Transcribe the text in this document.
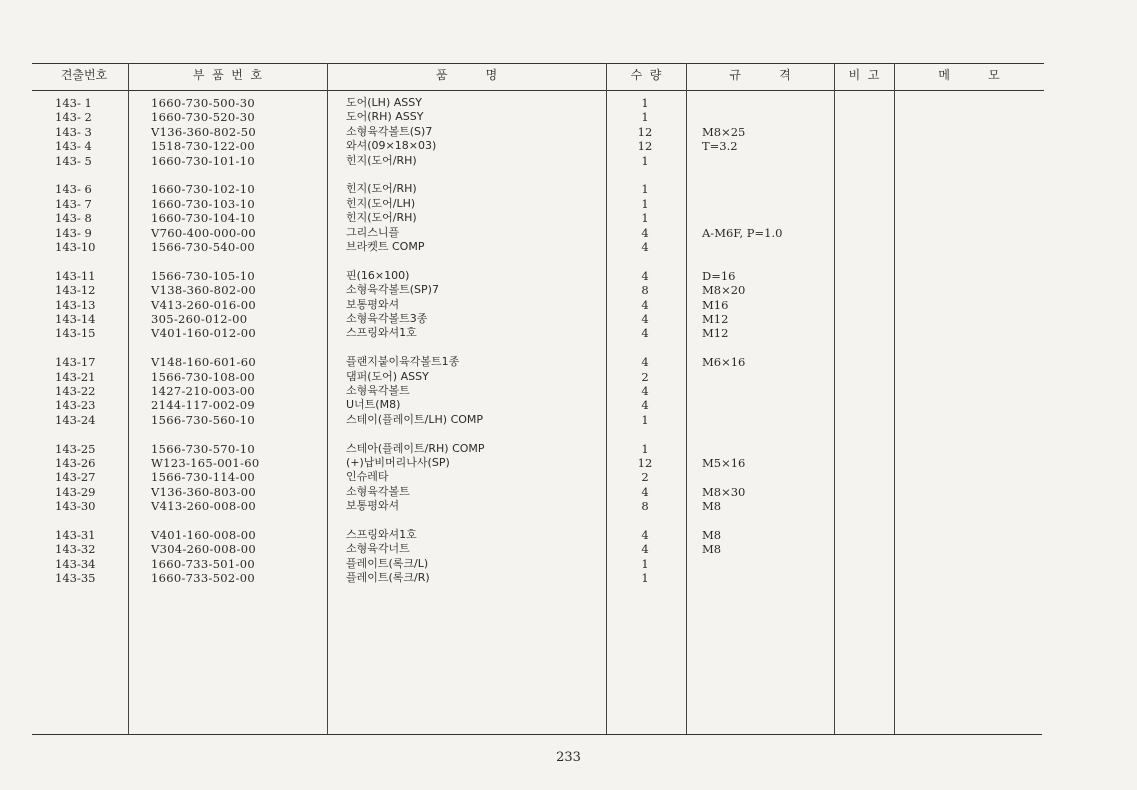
견출번호	부  품  번  호	품          명	수  량	규          격	비  고	메          모
143- 1	1660-730-500-30	도어(LH) ASSY	1
143- 2	1660-730-520-30	도어(RH) ASSY	1
143- 3	V136-360-802-50	소형육각볼트(S)7	12	M8×25
143- 4	1518-730-122-00	와셔(09×18×03)	12	T=3.2
143- 5	1660-730-101-10	힌지(도어/RH)	1
143- 6	1660-730-102-10	힌지(도어/RH)	1
143- 7	1660-730-103-10	힌지(도어/LH)	1
143- 8	1660-730-104-10	힌지(도어/RH)	1
143- 9	V760-400-000-00	그리스니플	4	A-M6F, P=1.0
143-10	1566-730-540-00	브라켓트 COMP	4
143-11	1566-730-105-10	핀(16×100)	4	D=16
143-12	V138-360-802-00	소형육각볼트(SP)7	8	M8×20
143-13	V413-260-016-00	보통평와셔	4	M16
143-14	305-260-012-00	소형육각볼트3종	4	M12
143-15	V401-160-012-00	스프링와셔1호	4	M12
143-17	V148-160-601-60	플랜지붙이육각볼트1종	4	M6×16
143-21	1566-730-108-00	댐퍼(도어) ASSY	2
143-22	1427-210-003-00	소형육각볼트	4
143-23	2144-117-002-09	U너트(M8)	4
143-24	1566-730-560-10	스테이(플레이트/LH) COMP	1
143-25	1566-730-570-10	스테아(플레이트/RH) COMP	1
143-26	W123-165-001-60	(+)납비머리나사(SP)	12	M5×16
143-27	1566-730-114-00	인슈레타	2
143-29	V136-360-803-00	소형육각볼트	4	M8×30
143-30	V413-260-008-00	보통평와셔	8	M8
143-31	V401-160-008-00	스프링와셔1호	4	M8
143-32	V304-260-008-00	소형육각너트	4	M8
143-34	1660-733-501-00	플레이트(록크/L)	1
143-35	1660-733-502-00	플레이트(록크/R)	1
233
